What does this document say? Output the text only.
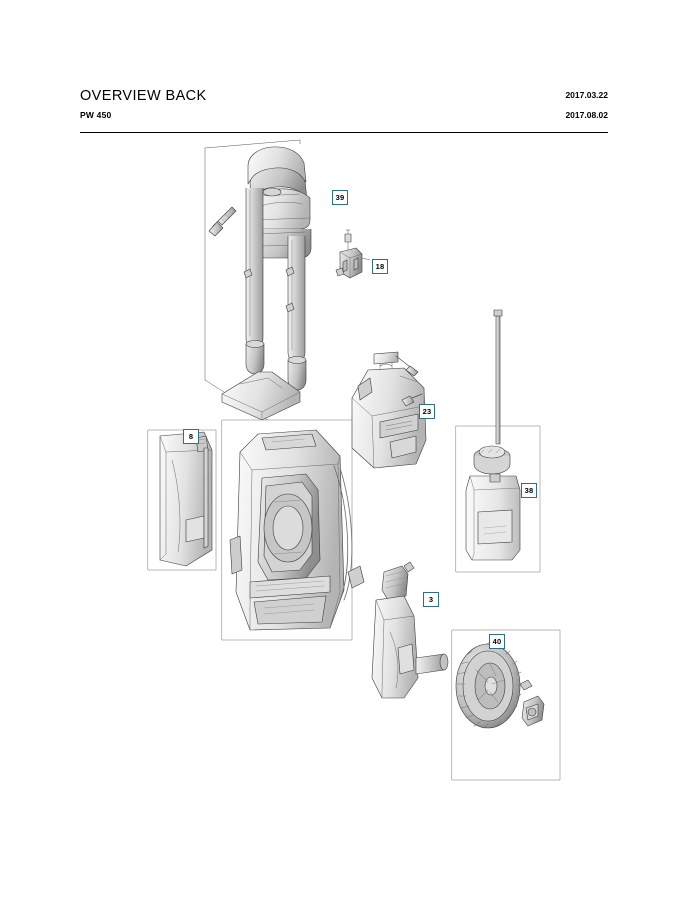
OVERVIEW BACK
PW 450
2017.03.22
2017.08.02
39
18
23
8
38
3
40
